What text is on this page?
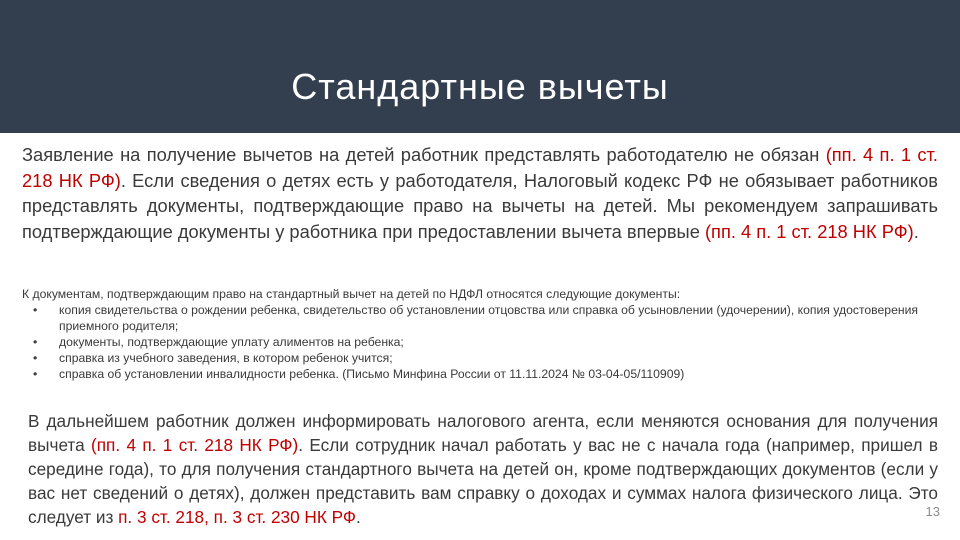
Стандартные вычеты
Заявление на получение вычетов на детей работник представлять работодателю не обязан (пп. 4 п. 1 ст. 218 НК РФ). Если сведения о детях есть у работодателя, Налоговый кодекс РФ не обязывает работников представлять документы, подтверждающие право на вычеты на детей. Мы рекомендуем запрашивать подтверждающие документы у работника при предоставлении вычета впервые (пп. 4 п. 1 ст. 218 НК РФ).
К документам, подтверждающим право на стандартный вычет на детей по НДФЛ относятся следующие документы:
• копия свидетельства о рождении ребенка, свидетельство об установлении отцовства или справка об усыновлении (удочерении), копия удостоверения приемного родителя;
• документы, подтверждающие уплату алиментов на ребенка;
• справка из учебного заведения, в котором ребенок учится;
• справка об установлении инвалидности ребенка. (Письмо Минфина России от 11.11.2024 № 03-04-05/110909)
В дальнейшем работник должен информировать налогового агента, если меняются основания для получения вычета (пп. 4 п. 1 ст. 218 НК РФ). Если сотрудник начал работать у вас не с начала года (например, пришел в середине года), то для получения стандартного вычета на детей он, кроме подтверждающих документов (если у вас нет сведений о детях), должен представить вам справку о доходах и суммах налога физического лица. Это следует из п. 3 ст. 218, п. 3 ст. 230 НК РФ.	13
